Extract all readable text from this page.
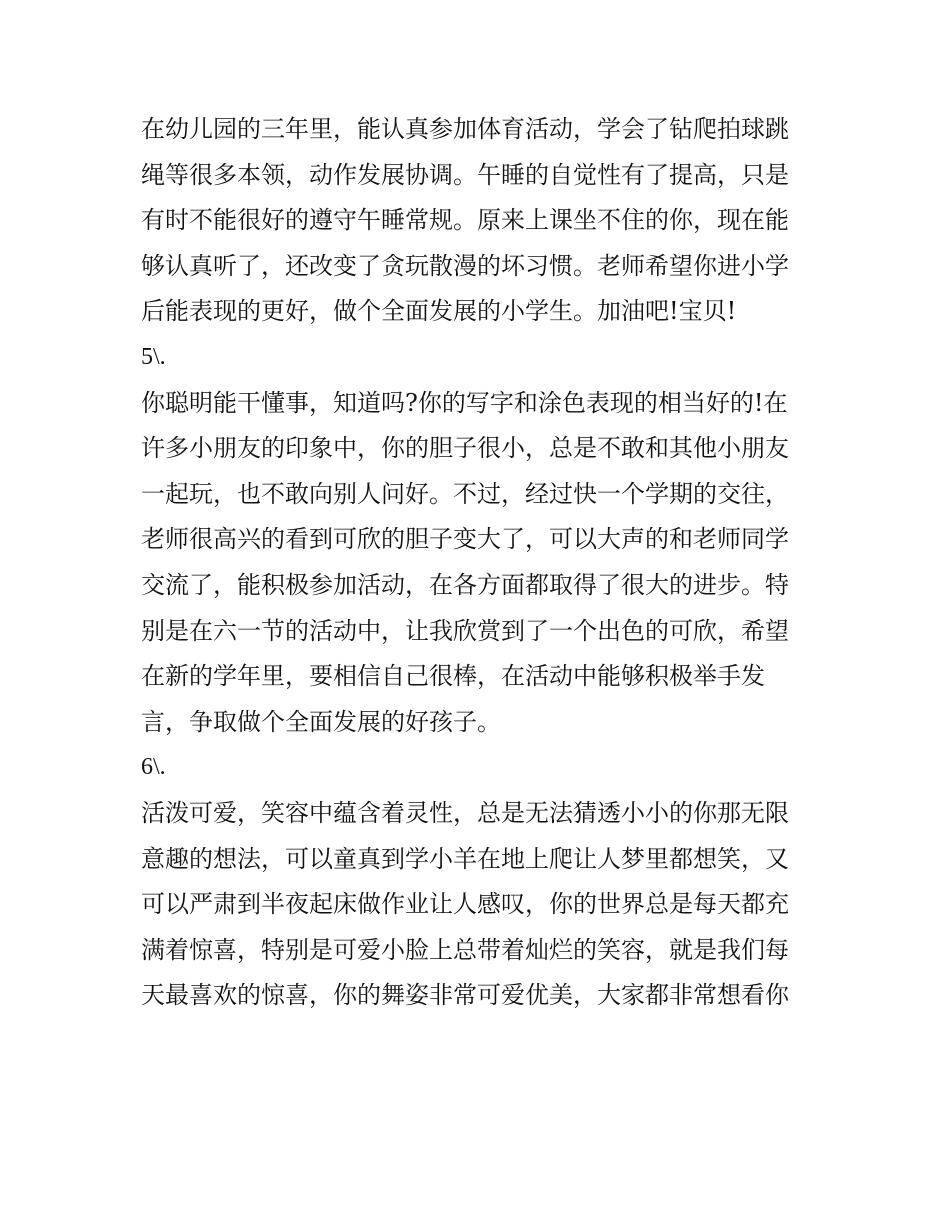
在幼儿园的三年里，能认真参加体育活动，学会了钻爬拍球跳
绳等很多本领，动作发展协调。午睡的自觉性有了提高，只是
有时不能很好的遵守午睡常规。原来上课坐不住的你，现在能
够认真听了，还改变了贪玩散漫的坏习惯。老师希望你进小学
后能表现的更好，做个全面发展的小学生。加油吧!宝贝!
5\.
你聪明能干懂事，知道吗?你的写字和涂色表现的相当好的!在
许多小朋友的印象中，你的胆子很小，总是不敢和其他小朋友
一起玩，也不敢向别人问好。不过，经过快一个学期的交往，
老师很高兴的看到可欣的胆子变大了，可以大声的和老师同学
交流了，能积极参加活动，在各方面都取得了很大的进步。特
别是在六一节的活动中，让我欣赏到了一个出色的可欣，希望
在新的学年里，要相信自己很棒，在活动中能够积极举手发
言，争取做个全面发展的好孩子。
6\.
活泼可爱，笑容中蕴含着灵性，总是无法猜透小小的你那无限
意趣的想法，可以童真到学小羊在地上爬让人梦里都想笑，又
可以严肃到半夜起床做作业让人感叹，你的世界总是每天都充
满着惊喜，特别是可爱小脸上总带着灿烂的笑容，就是我们每
天最喜欢的惊喜，你的舞姿非常可爱优美，大家都非常想看你
